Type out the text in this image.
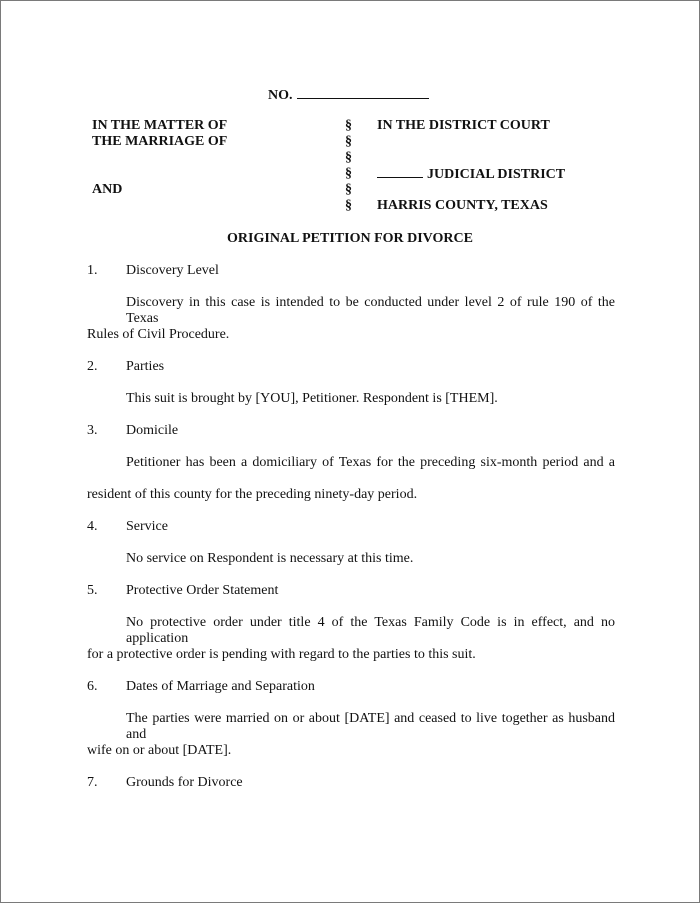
NO.
IN THE MATTER OF
THE MARRIAGE OF
AND
§
§
§
§
§
§
IN THE DISTRICT COURT
JUDICIAL DISTRICT
HARRIS COUNTY, TEXAS
ORIGINAL PETITION FOR DIVORCE
1. Discovery Level
Discovery in this case is intended to be conducted under level 2 of rule 190 of the Texas
Rules of Civil Procedure.
2. Parties
This suit is brought by [YOU], Petitioner. Respondent is [THEM].
3. Domicile
Petitioner has been a domiciliary of Texas for the preceding six-month period and a
resident of this county for the preceding ninety-day period.
4. Service
No service on Respondent is necessary at this time.
5. Protective Order Statement
No protective order under title 4 of the Texas Family Code is in effect, and no application
for a protective order is pending with regard to the parties to this suit.
6. Dates of Marriage and Separation
The parties were married on or about [DATE] and ceased to live together as husband and
wife on or about [DATE].
7. Grounds for Divorce
